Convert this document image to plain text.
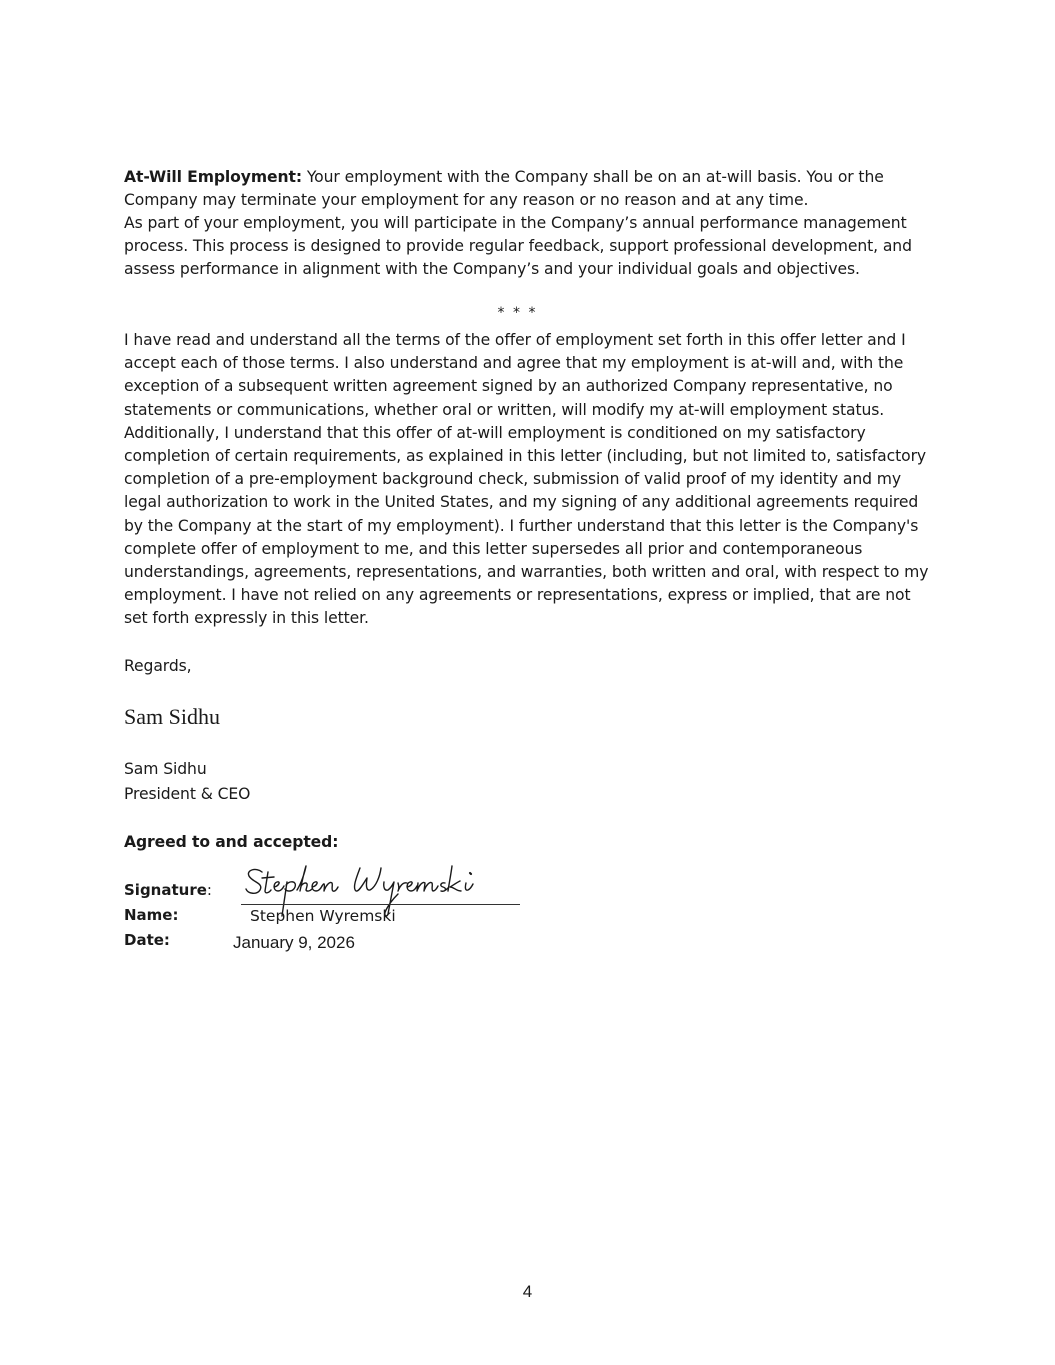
At-Will Employment: Your employment with the Company shall be on an at-will basis. You or the Company may terminate your employment for any reason or no reason and at any time.
As part of your employment, you will participate in the Company’s annual performance management process. This process is designed to provide regular feedback, support professional development, and assess performance in alignment with the Company’s and your individual goals and objectives.
* * *
I have read and understand all the terms of the offer of employment set forth in this offer letter and I accept each of those terms. I also understand and agree that my employment is at-will and, with the exception of a subsequent written agreement signed by an authorized Company representative, no statements or communications, whether oral or written, will modify my at-will employment status. Additionally, I understand that this offer of at-will employment is conditioned on my satisfactory completion of certain requirements, as explained in this letter (including, but not limited to, satisfactory completion of a pre-employment background check, submission of valid proof of my identity and my legal authorization to work in the United States, and my signing of any additional agreements required by the Company at the start of my employment). I further understand that this letter is the Company's complete offer of employment to me, and this letter supersedes all prior and contemporaneous understandings, agreements, representations, and warranties, both written and oral, with respect to my employment. I have not relied on any agreements or representations, express or implied, that are not set forth expressly in this letter.
Regards,
Sam Sidhu
Sam Sidhu
President & CEO
Agreed to and accepted:
Signature:
Name:
Date:
Stephen Wyremski
January 9, 2026
4
